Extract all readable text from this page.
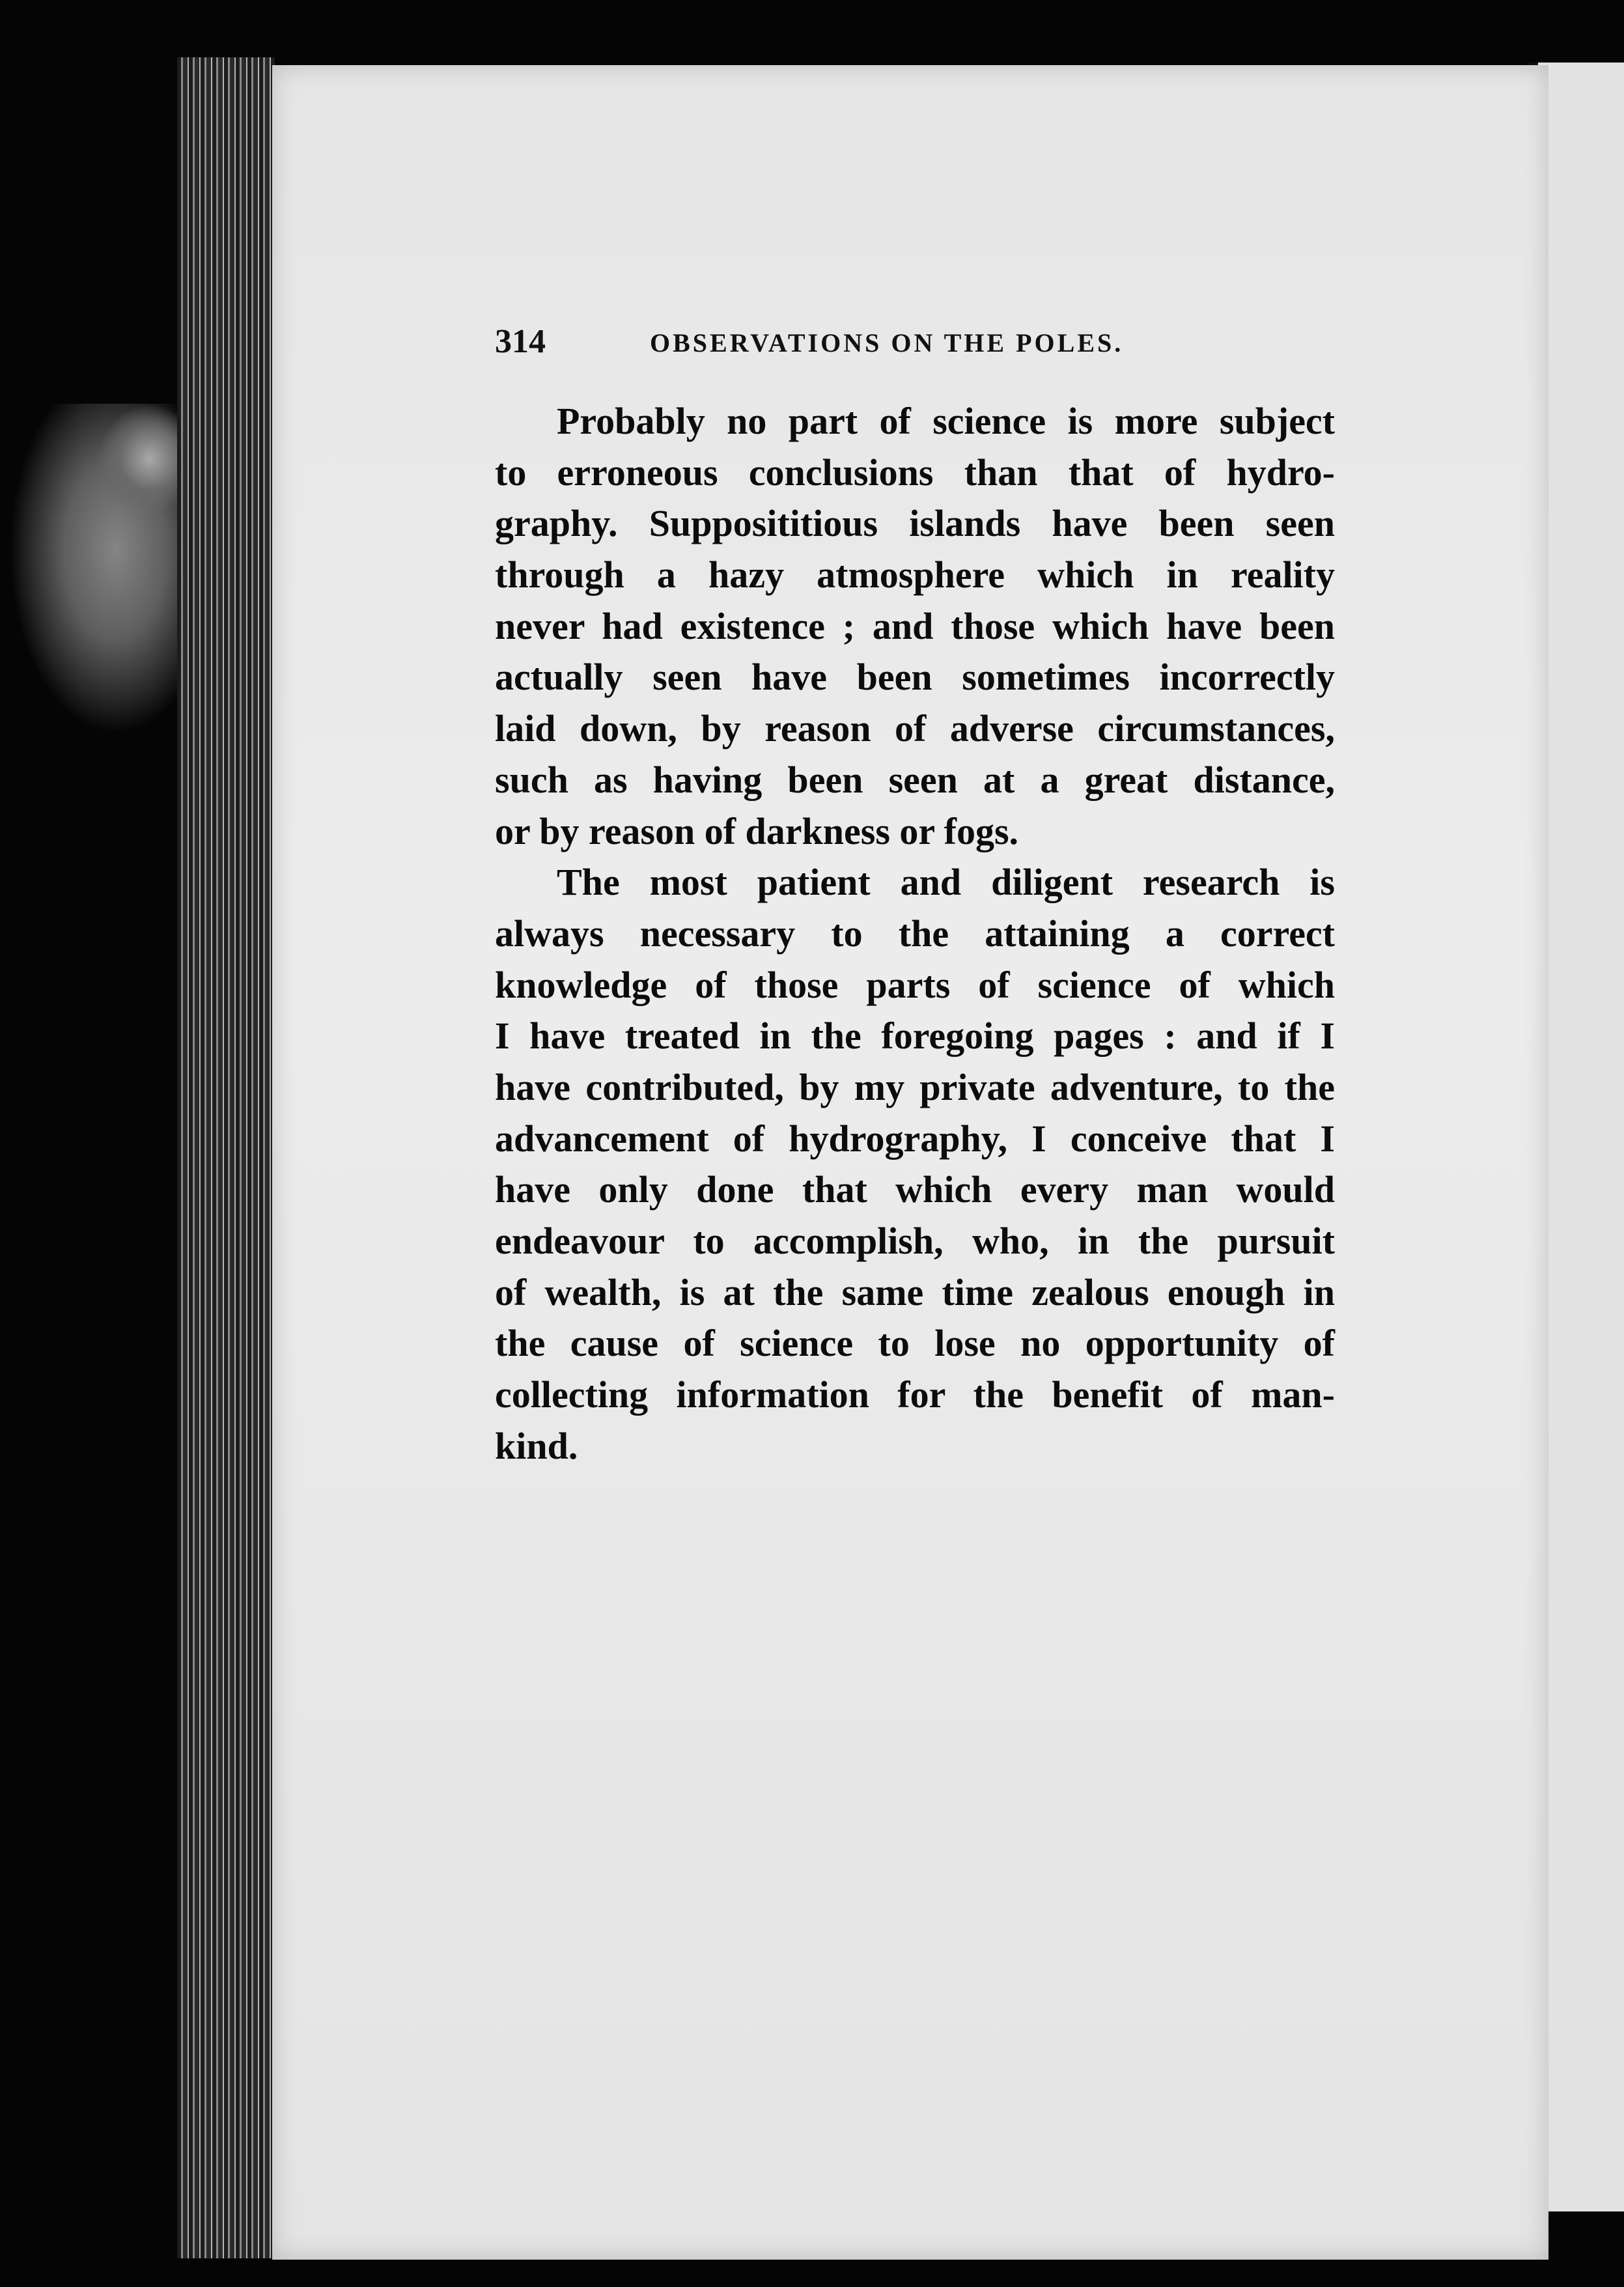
314	OBSERVATIONS ON THE POLES.
Probably no part of science is more subject
to erroneous conclusions than that of hydro-
graphy. Supposititious islands have been seen
through a hazy atmosphere which in reality
never had existence ; and those which have been
actually seen have been sometimes incorrectly
laid down, by reason of adverse circumstances,
such as having been seen at a great distance,
or by reason of darkness or fogs.
The most patient and diligent research is
always necessary to the attaining a correct
knowledge of those parts of science of which
I have treated in the foregoing pages : and if I
have contributed, by my private adventure, to the
advancement of hydrography, I conceive that I
have only done that which every man would
endeavour to accomplish, who, in the pursuit
of wealth, is at the same time zealous enough in
the cause of science to lose no opportunity of
collecting information for the benefit of man-
kind.
